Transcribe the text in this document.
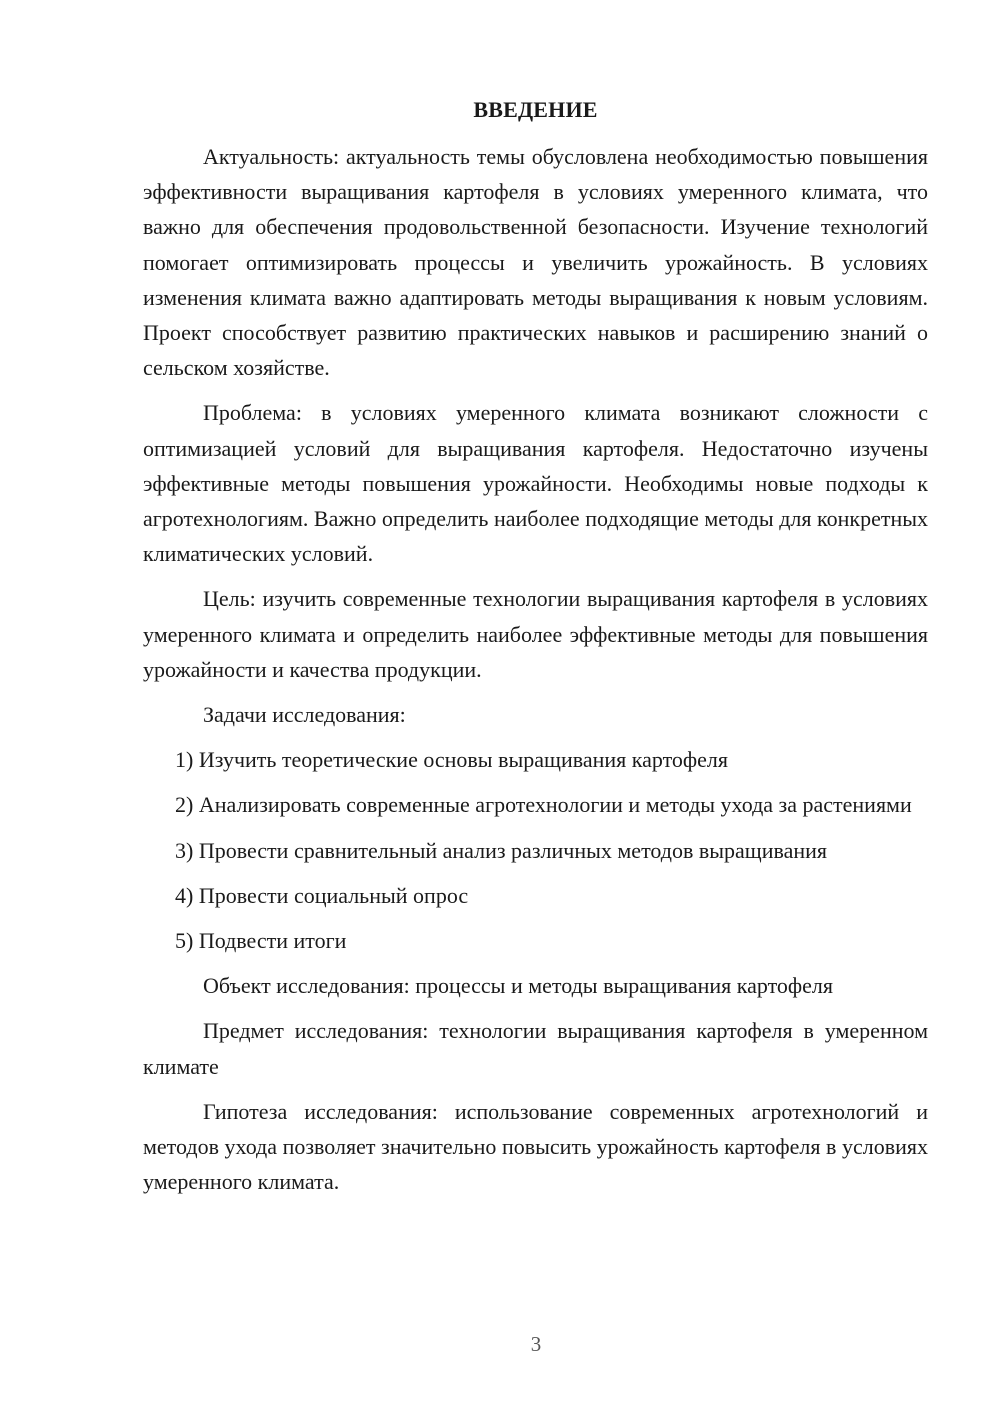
ВВЕДЕНИЕ

Актуальность: актуальность темы обусловлена необходимостью повышения эффективности выращивания картофеля в условиях умеренного климата, что важно для обеспечения продовольственной безопасности. Изучение технологий помогает оптимизировать процессы и увеличить урожайность. В условиях изменения климата важно адаптировать методы выращивания к новым условиям. Проект способствует развитию практических навыков и расширению знаний о сельском хозяйстве.

Проблема: в условиях умеренного климата возникают сложности с оптимизацией условий для выращивания картофеля. Недостаточно изучены эффективные методы повышения урожайности. Необходимы новые подходы к агротехнологиям. Важно определить наиболее подходящие методы для конкретных климатических условий.

Цель: изучить современные технологии выращивания картофеля в условиях умеренного климата и определить наиболее эффективные методы для повышения урожайности и качества продукции.

Задачи исследования:

1) Изучить теоретические основы выращивания картофеля

2) Анализировать современные агротехнологии и методы ухода за растениями

3) Провести сравнительный анализ различных методов выращивания

4) Провести социальный опрос

5) Подвести итоги

Объект исследования: процессы и методы выращивания картофеля

Предмет исследования: технологии выращивания картофеля в умеренном климате

Гипотеза исследования: использование современных агротехнологий и методов ухода позволяет значительно повысить урожайность картофеля в условиях умеренного климата.

3
